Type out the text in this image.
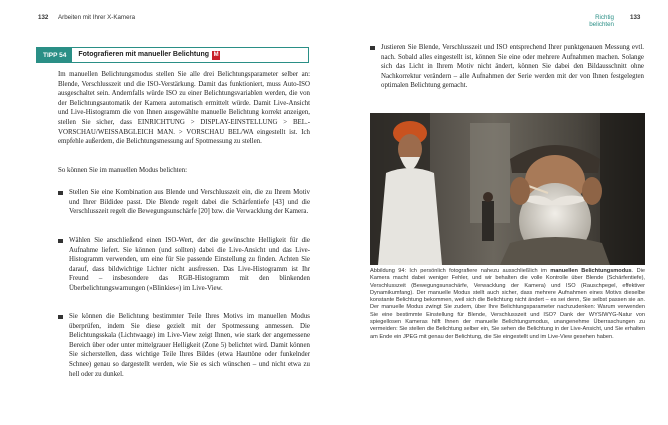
132 Arbeiten mit Ihrer X-Kamera
TIPP 54	Fotografieren mit manueller Belichtung M

Im manuellen Belichtungsmodus stellen Sie alle drei Belichtungsparameter selber an: Blende, Verschlusszeit und die ISO-Verstärkung. Damit das funktioniert, muss Auto-ISO ausgeschaltet sein. Andernfalls würde ISO zu einer Belichtungsvariablen werden, die von der Belichtungsautomatik der Kamera automatisch ermittelt würde. Damit Live-Ansicht und Live-Histogramm die von Ihnen ausgewählte manuelle Belichtung korrekt anzeigen, stellen Sie sicher, dass EINRICHTUNG > DISPLAY-EINSTELLUNG > BEL.-VORSCHAU/WEISSABGLEICH MAN. > VORSCHAU BEL/WA eingestellt ist. Ich empfehle außerdem, die Belichtungsmessung auf Spotmessung zu stellen.

So können Sie im manuellen Modus belichten:

Stellen Sie eine Kombination aus Blende und Verschlusszeit ein, die zu Ihrem Motiv und Ihrer Bildidee passt. Die Blende regelt dabei die Schärfentiefe [43] und die Verschlusszeit regelt die Bewegungsunschärfe [20] bzw. die Verwacklung der Kamera.

Wählen Sie anschließend einen ISO-Wert, der die gewünschte Helligkeit für die Aufnahme liefert. Sie können (und sollten) dabei die Live-Ansicht und das Live-Histogramm verwenden, um eine für Sie passende Einstellung zu finden. Achten Sie darauf, dass bildwichtige Lichter nicht ausfressen. Das Live-Histogramm ist Ihr Freund – insbesondere das RGB-Histogramm mit den blinkenden Überbelichtungswarnungen (»Blinkies«) im Live-View.

Sie können die Belichtung bestimmter Teile Ihres Motivs im manuellen Modus überprüfen, indem Sie diese gezielt mit der Spotmessung anmessen. Die Belichtungsskala (Lichtwaage) im Live-View zeigt Ihnen, wie stark der angemessene Bereich über oder unter mittelgrauer Helligkeit (Zone 5) belichtet wird. Damit können Sie sicherstellen, dass wichtige Teile Ihres Bildes (etwa Hauttöne oder funkelnder Schnee) genau so dargestellt werden, wie Sie es sich wünschen – und nicht etwa zu hell oder zu dunkel.

Richtig belichten
133

Justieren Sie Blende, Verschlusszeit und ISO entsprechend Ihrer punktgenauen Messung evtl. nach. Sobald alles eingestellt ist, können Sie eine oder mehrere Aufnahmen machen. Solange sich das Licht in Ihrem Motiv nicht ändert, können Sie dabei den Bildausschnitt ohne Nachkorrektur verändern – alle Aufnahmen der Serie werden mit der von Ihnen festgelegten optimalen Belichtung gemacht.

Abbildung 94: Ich persönlich fotografiere nahezu ausschließlich im manuellen Belichtungsmodus. Die Kamera macht dabei weniger Fehler, und wir behalten die volle Kontrolle über Blende (Schärfentiefe), Verschlusszeit (Bewegungsunschärfe, Verwacklung der Kamera) und ISO (Rauschpegel, effektiver Dynamikumfang). Der manuelle Modus stellt auch sicher, dass mehrere Aufnahmen eines Motivs dieselbe konstante Belichtung bekommen, weil sich die Belichtung nicht ändert – es sei denn, Sie selbst passen sie an. Der manuelle Modus zwingt Sie zudem, über Ihre Belichtungsparameter nachzudenken: Warum verwenden Sie eine bestimmte Einstellung für Blende, Verschlusszeit und ISO? Dank der WYSIWYG-Natur von spiegellosen Kameras hilft Ihnen der manuelle Belichtungsmodus, unangenehme Überraschungen zu vermeiden: Sie stellen die Belichtung selber ein, Sie sehen die Belichtung in der Live-Ansicht, und Sie erhalten am Ende ein JPEG mit genau der Belichtung, die Sie eingestellt und im Live-View gesehen haben.
